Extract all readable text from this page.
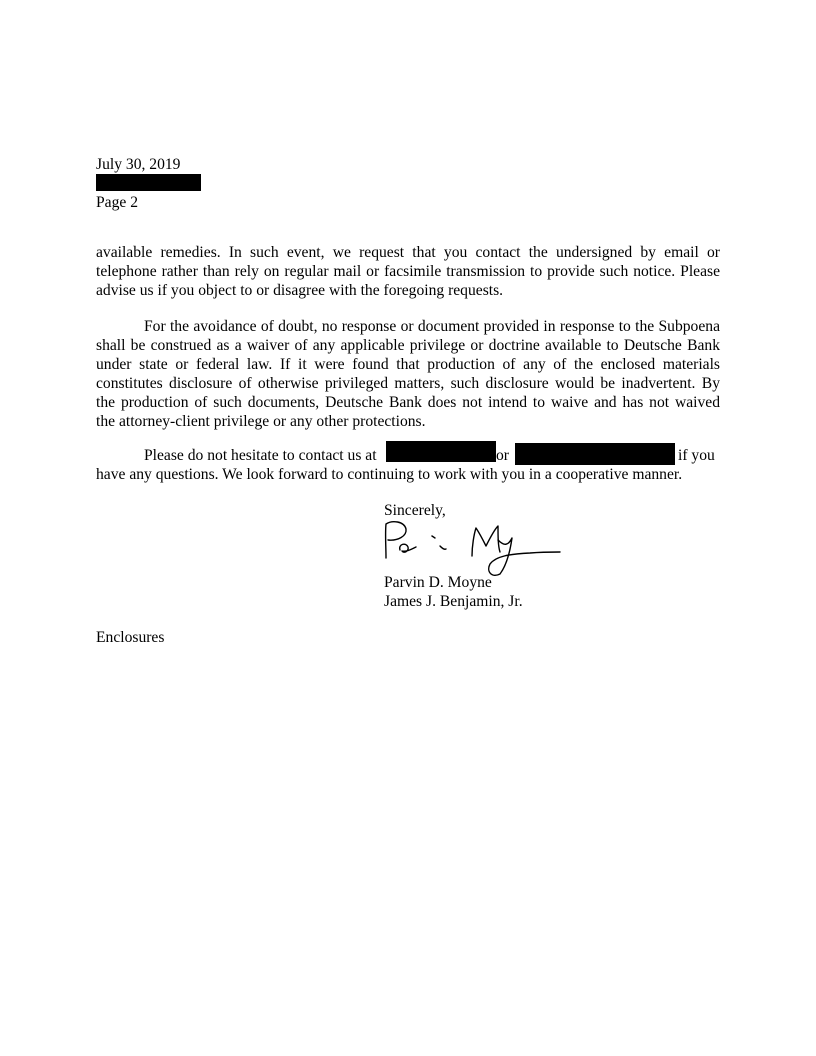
July 30, 2019
Page 2
available remedies. In such event, we request that you contact the undersigned by email or
telephone rather than rely on regular mail or facsimile transmission to provide such notice. Please
advise us if you object to or disagree with the foregoing requests.
For the avoidance of doubt, no response or document provided in response to the Subpoena
shall be construed as a waiver of any applicable privilege or doctrine available to Deutsche Bank
under state or federal law. If it were found that production of any of the enclosed materials
constitutes disclosure of otherwise privileged matters, such disclosure would be inadvertent. By
the production of such documents, Deutsche Bank does not intend to waive and has not waived
the attorney-client privilege or any other protections.
Please do not hesitate to contact us at	or	if you
have any questions. We look forward to continuing to work with you in a cooperative manner.
Sincerely,
Parvin D. Moyne
James J. Benjamin, Jr.
Enclosures
